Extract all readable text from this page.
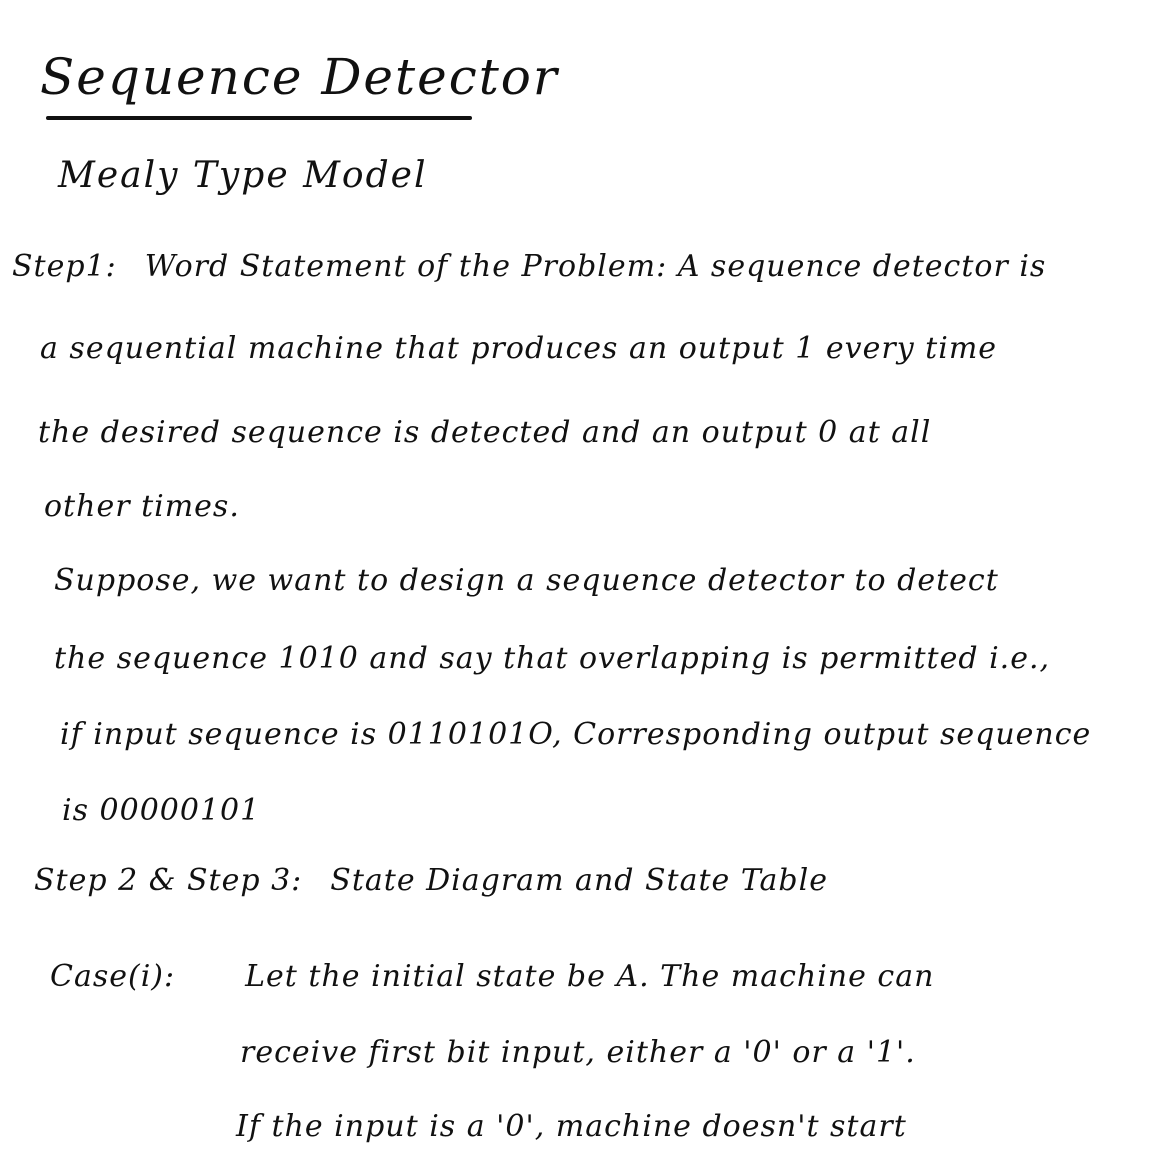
Sequence Detector
Mealy Type Model
Step1: Word Statement of the Problem: A sequence detector is
a sequential machine that produces an output 1 every time
the desired sequence is detected and an output 0 at all
other times.
Suppose, we want to design a sequence detector to detect
the sequence 1010 and say that overlapping is permitted i.e.,
if input sequence is 0110101O, Corresponding output sequence
is 00000101
Step 2 & Step 3: State Diagram and State Table
Case(i): Let the initial state be A. The machine can
receive first bit input, either a '0' or a '1'.
If the input is a '0', machine doesn't start
